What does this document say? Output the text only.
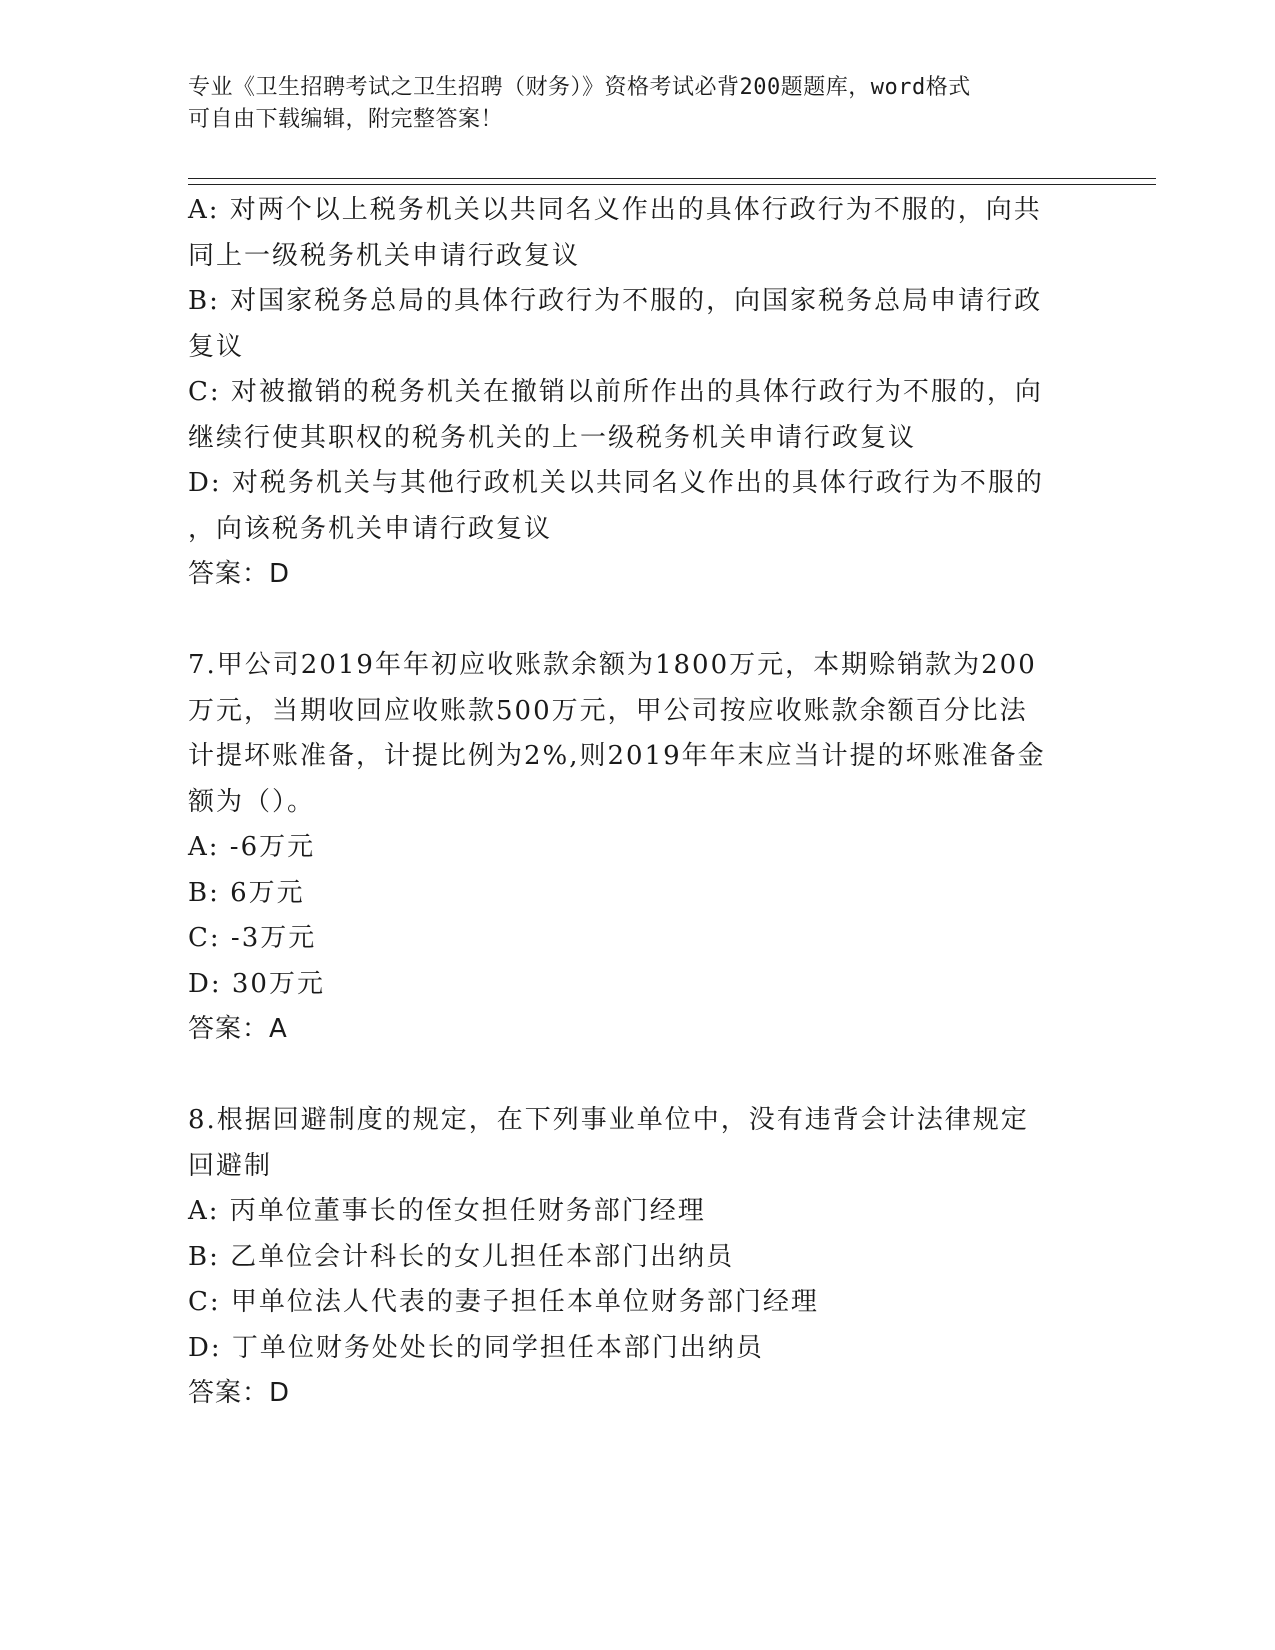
专业《卫生招聘考试之卫生招聘（财务）》资格考试必背200题题库，word格式
可自由下载编辑，附完整答案！
A: 对两个以上税务机关以共同名义作出的具体行政行为不服的，向共
同上一级税务机关申请行政复议
B: 对国家税务总局的具体行政行为不服的，向国家税务总局申请行政
复议
C: 对被撤销的税务机关在撤销以前所作出的具体行政行为不服的，向
继续行使其职权的税务机关的上一级税务机关申请行政复议
D: 对税务机关与其他行政机关以共同名义作出的具体行政行为不服的
，向该税务机关申请行政复议
答案：D
7.甲公司2019年年初应收账款余额为1800万元，本期赊销款为200
万元，当期收回应收账款500万元，甲公司按应收账款余额百分比法
计提坏账准备，计提比例为2%,则2019年年末应当计提的坏账准备金
额为（）。
A: -6万元
B: 6万元
C: -3万元
D: 30万元
答案：A
8.根据回避制度的规定，在下列事业单位中，没有违背会计法律规定
回避制
A: 丙单位董事长的侄女担任财务部门经理
B: 乙单位会计科长的女儿担任本部门出纳员
C: 甲单位法人代表的妻子担任本单位财务部门经理
D: 丁单位财务处处长的同学担任本部门出纳员
答案：D
